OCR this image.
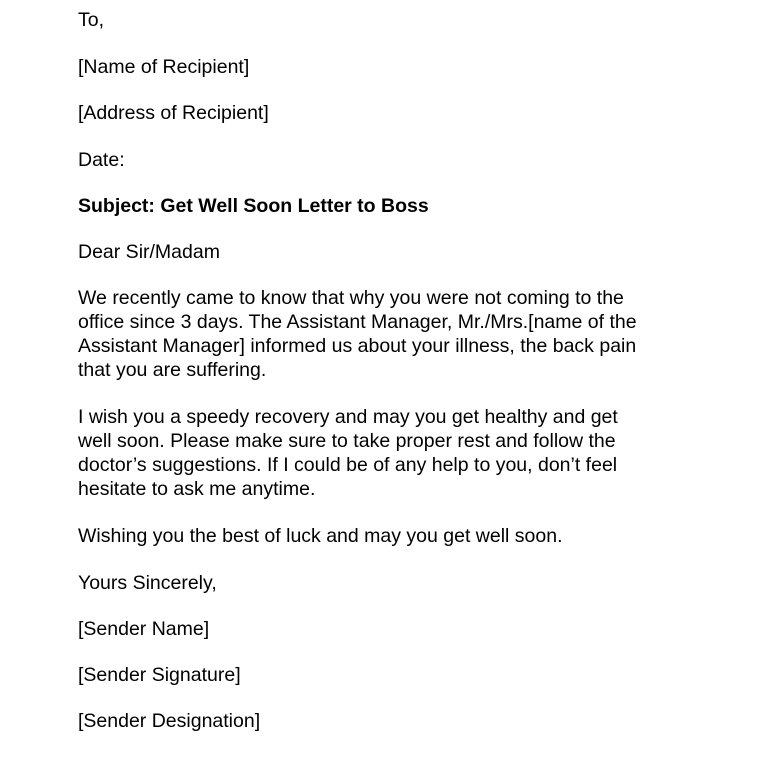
To,
[Name of Recipient]
[Address of Recipient]
Date:
Subject: Get Well Soon Letter to Boss
Dear Sir/Madam
We recently came to know that why you were not coming to the
office since 3 days. The Assistant Manager, Mr./Mrs.[name of the
Assistant Manager] informed us about your illness, the back pain
that you are suffering.
I wish you a speedy recovery and may you get healthy and get
well soon. Please make sure to take proper rest and follow the
doctor’s suggestions. If I could be of any help to you, don’t feel
hesitate to ask me anytime.
Wishing you the best of luck and may you get well soon.
Yours Sincerely,
[Sender Name]
[Sender Signature]
[Sender Designation]
